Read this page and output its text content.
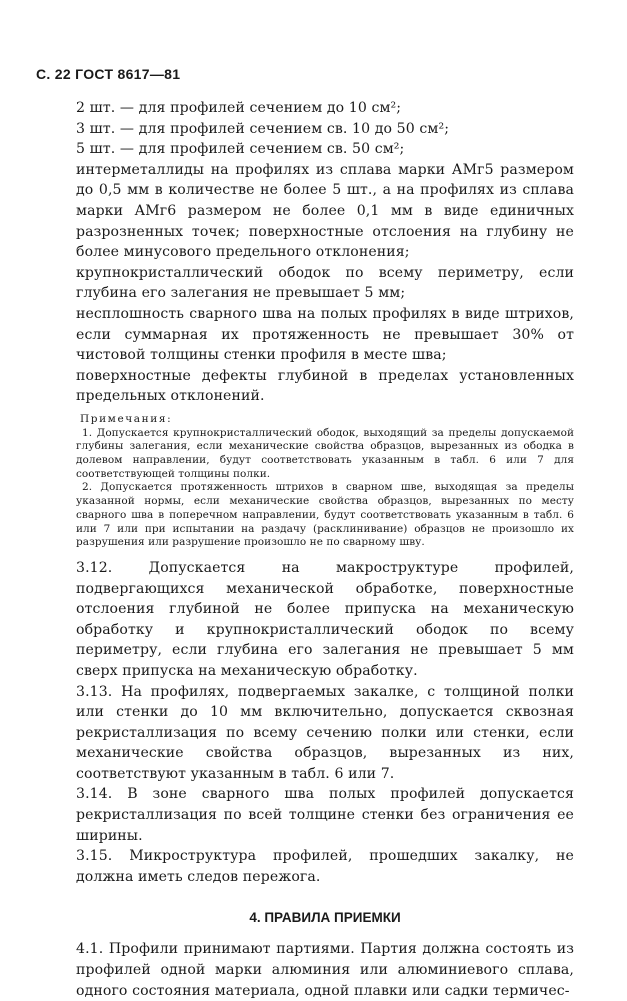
С. 22 ГОСТ 8617—81

2 шт. — для профилей сечением до 10 см²;

3 шт. — для профилей сечением св. 10 до 50 см²;

5 шт. — для профилей сечением св. 50 см²;

интерметаллиды на профилях из сплава марки АМг5 размером до 0,5 мм в количестве не более 5 шт., а на профилях из сплава марки АМг6 размером не более 0,1 мм в виде единичных разрозненных точек; поверхностные отслоения на глубину не более минусового предельного отклонения;

крупнокристаллический ободок по всему периметру, если глубина его залегания не превышает 5 мм;

несплошность сварного шва на полых профилях в виде штрихов, если суммарная их протяженность не превышает 30% от чистовой толщины стенки профиля в месте шва;

поверхностные дефекты глубиной в пределах установленных предельных отклонений.

Примечания:

1. Допускается крупнокристаллический ободок, выходящий за пределы допускаемой глубины залегания, если механические свойства образцов, вырезанных из ободка в долевом направлении, будут соответствовать указанным в табл. 6 или 7 для соответствующей толщины полки.

2. Допускается протяженность штрихов в сварном шве, выходящая за пределы указанной нормы, если механические свойства образцов, вырезанных по месту сварного шва в поперечном направлении, будут соответствовать указанным в табл. 6 или 7 или при испытании на раздачу (расклинивание) образцов не произошло их разрушения или разрушение произошло не по сварному шву.

3.12. Допускается на макроструктуре профилей, подвергающихся механической обработке, поверхностные отслоения глубиной не более припуска на механическую обработку и крупнокристаллический ободок по всему периметру, если глубина его залегания не превышает 5 мм сверх припуска на механическую обработку.

3.13. На профилях, подвергаемых закалке, с толщиной полки или стенки до 10 мм включительно, допускается сквозная рекристаллизация по всему сечению полки или стенки, если механические свойства образцов, вырезанных из них, соответствуют указанным в табл. 6 или 7.

3.14. В зоне сварного шва полых профилей допускается рекристаллизация по всей толщине стенки без ограничения ее ширины.

3.15. Микроструктура профилей, прошедших закалку, не должна иметь следов пережога.

4. ПРАВИЛА ПРИЕМКИ

4.1. Профили принимают партиями. Партия должна состоять из профилей одной марки алюминия или алюминиевого сплава, одного состояния материала, одной плавки или садки термичес-
